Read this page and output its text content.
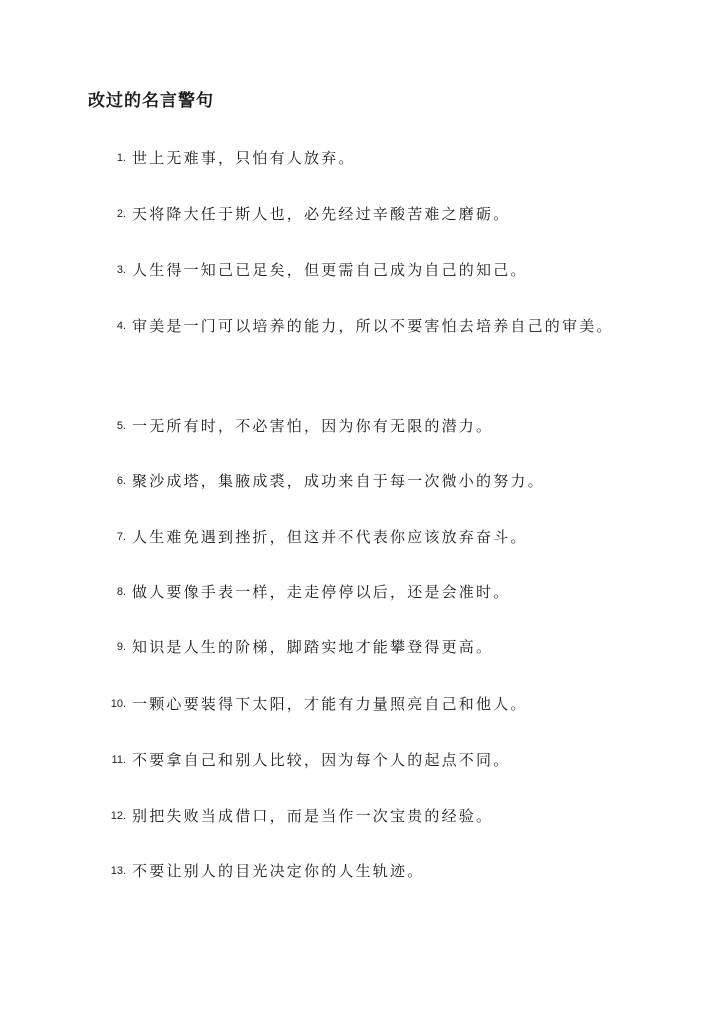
改过的名言警句
1. 世上无难事，只怕有人放弃。
2. 天将降大任于斯人也，必先经过辛酸苦难之磨砺。
3. 人生得一知己已足矣，但更需自己成为自己的知己。
4. 审美是一门可以培养的能力，所以不要害怕去培养自己的审美。
5. 一无所有时，不必害怕，因为你有无限的潜力。
6. 聚沙成塔，集腋成裘，成功来自于每一次微小的努力。
7. 人生难免遇到挫折，但这并不代表你应该放弃奋斗。
8. 做人要像手表一样，走走停停以后，还是会准时。
9. 知识是人生的阶梯，脚踏实地才能攀登得更高。
10. 一颗心要装得下太阳，才能有力量照亮自己和他人。
11. 不要拿自己和别人比较，因为每个人的起点不同。
12. 别把失败当成借口，而是当作一次宝贵的经验。
13. 不要让别人的目光决定你的人生轨迹。
